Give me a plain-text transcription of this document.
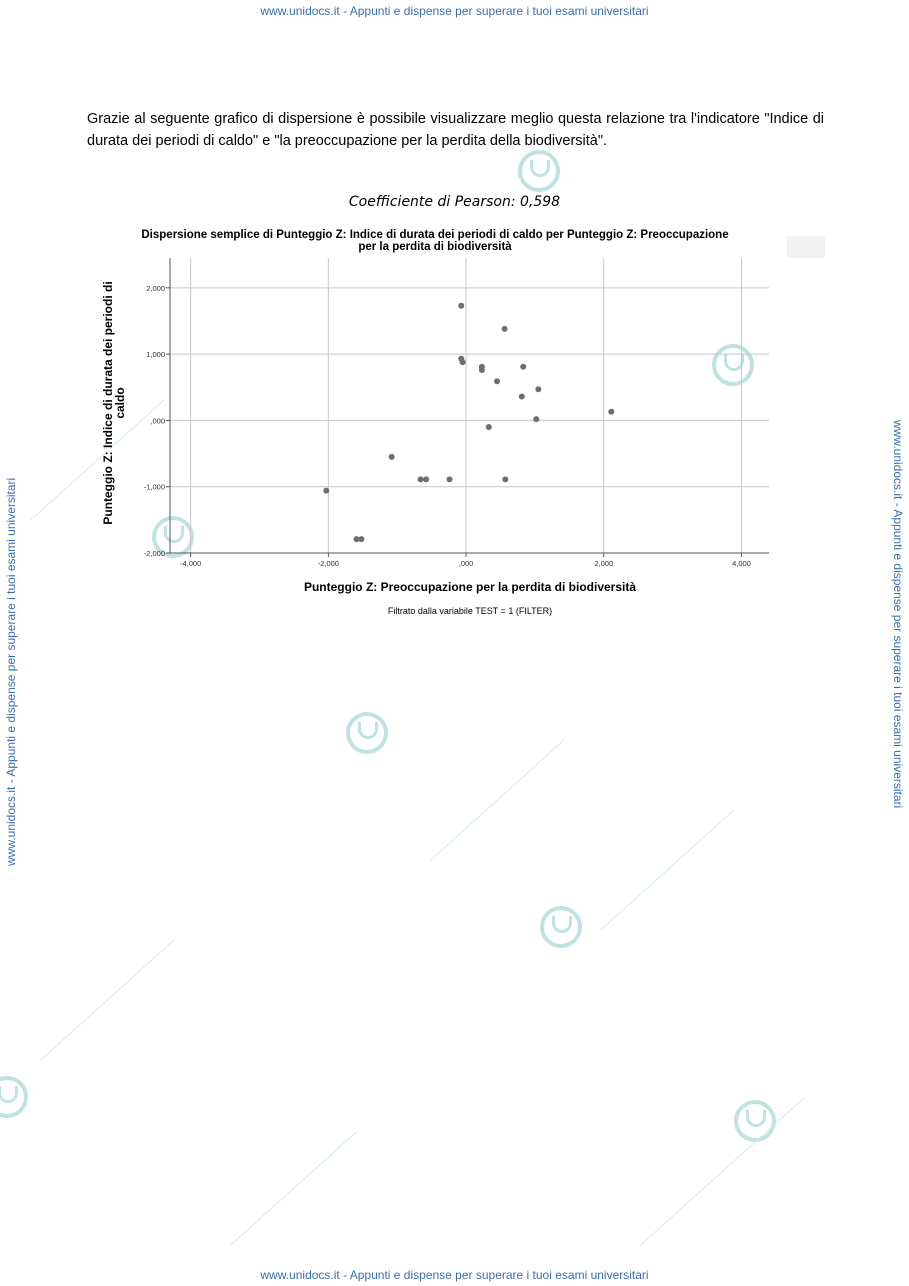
www.unidocs.it - Appunti e dispense per superare i tuoi esami universitari
www.unidocs.it - Appunti e dispense per superare i tuoi esami universitari
www.unidocs.it - Appunti e dispense per superare i tuoi esami universitari	www.unidocs.it - Appunti e dispense per superare i tuoi esami universitari
Grazie al seguente grafico di dispersione è possibile visualizzare meglio questa relazione tra l'indicatore "Indice di durata dei periodi di caldo" e "la preoccupazione per la perdita della biodiversità".
Coefficiente di Pearson: 0,598
Dispersione semplice di Punteggio Z: Indice di durata dei periodi di caldo per Punteggio Z: Preoccupazione
per la perdita di biodiversità
-4,000	-2,000	,000	2,000	4,000
-2,000
-1,000
,000
1,000
2,000
Punteggio Z: Indice di durata dei periodi di
caldo
Punteggio Z: Preoccupazione per la perdita di biodiversità
Filtrato dalla variabile TEST = 1 (FILTER)
